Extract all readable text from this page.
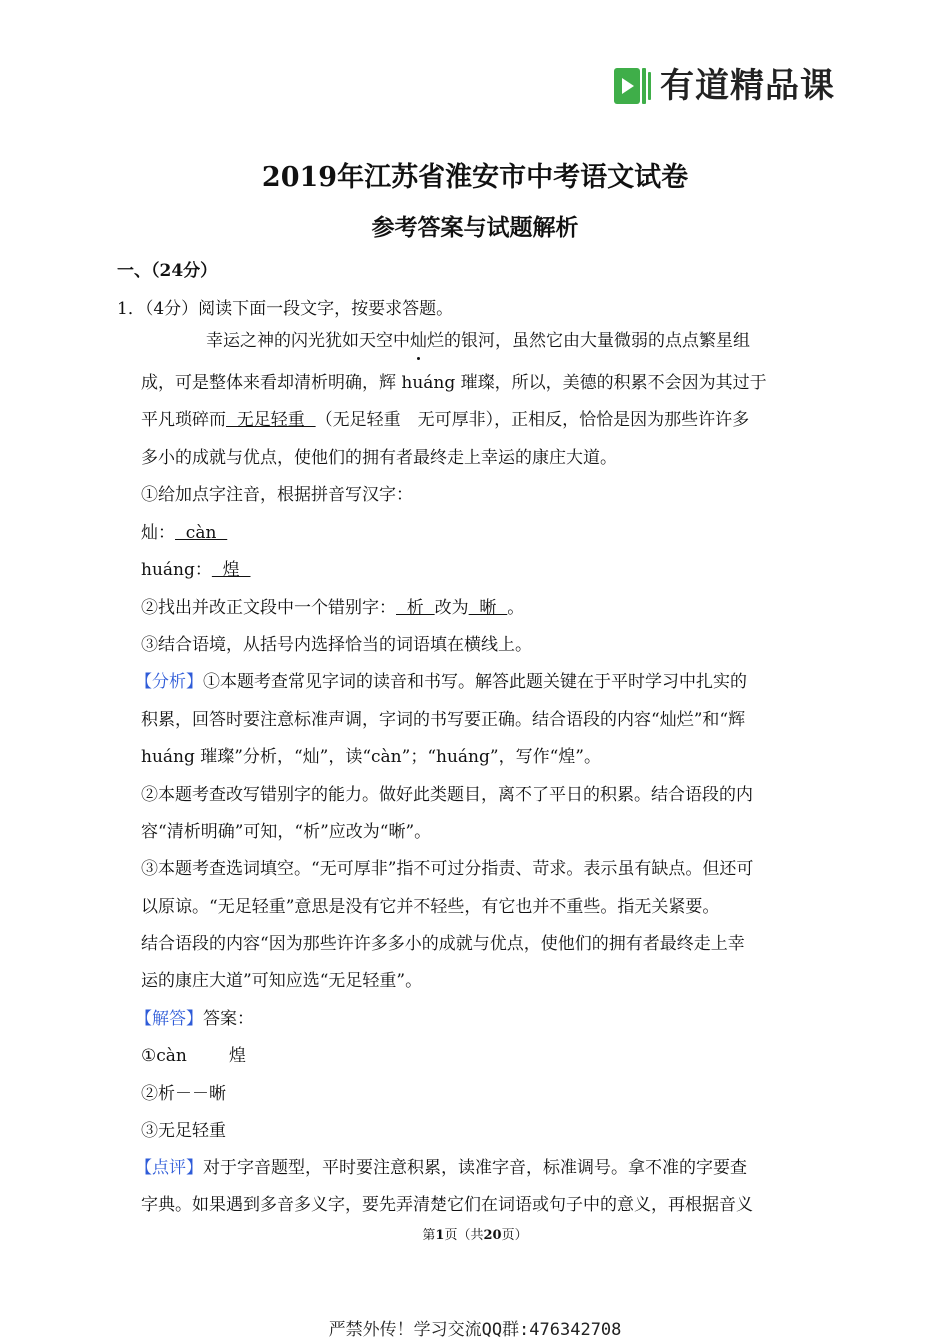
有道精品课
2019年江苏省淮安市中考语文试卷
参考答案与试题解析
一、（24分）
1．（4分）阅读下面一段文字，按要求答题。
幸运之神的闪光犹如天空中灿烂的银河，虽然它由大量微弱的点点繁星组
成，可是整体来看却清析明确，辉 huáng 璀璨，所以，美德的积累不会因为其过于
平凡琐碎而  无足轻重  （无足轻重　无可厚非），正相反，恰恰是因为那些许许多
多小的成就与优点，使他们的拥有者最终走上幸运的康庄大道。
①给加点字注音，根据拼音写汉字：
灿：  càn
huáng：  煌
②找出并改正文段中一个错别字：  析  改为  晰  。
③结合语境，从括号内选择恰当的词语填在横线上。
【分析】①本题考查常见字词的读音和书写。解答此题关键在于平时学习中扎实的
积累，回答时要注意标准声调，字词的书写要正确。结合语段的内容“灿烂”和“辉
huáng 璀璨”分析，“灿”，读“càn”；“huáng”，写作“煌”。
②本题考查改写错别字的能力。做好此类题目，离不了平日的积累。结合语段的内
容“清析明确”可知，“析”应改为“晰”。
③本题考查选词填空。“无可厚非”指不可过分指责、苛求。表示虽有缺点。但还可
以原谅。“无足轻重”意思是没有它并不轻些，有它也并不重些。指无关紧要。
结合语段的内容“因为那些许许多多小的成就与优点，使他们的拥有者最终走上幸
运的康庄大道”可知应选“无足轻重”。
【解答】答案：
①càn 煌
②析－－晰
③无足轻重
【点评】对于字音题型，平时要注意积累，读准字音，标准调号。拿不准的字要查
字典。如果遇到多音多义字，要先弄清楚它们在词语或句子中的意义，再根据音义
第1页（共20页）
严禁外传！学习交流QQ群:476342708
